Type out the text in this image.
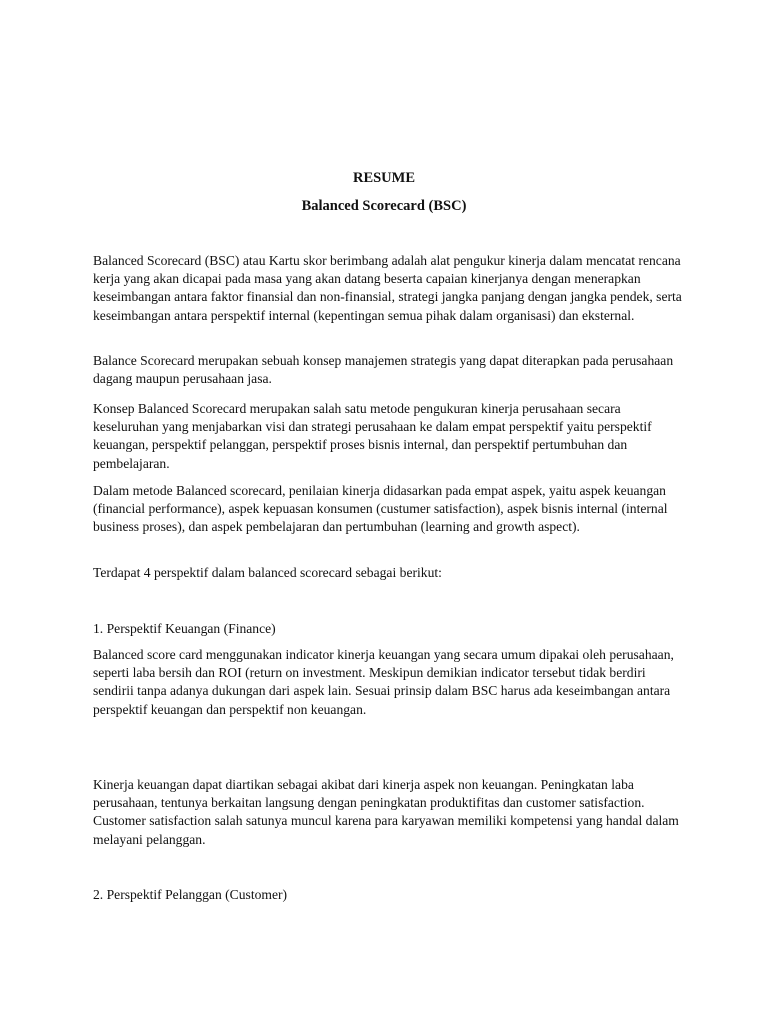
RESUME
Balanced Scorecard (BSC)

Balanced Scorecard (BSC) atau Kartu skor berimbang adalah alat pengukur kinerja dalam mencatat rencana kerja yang akan dicapai pada masa yang akan datang beserta capaian kinerjanya dengan menerapkan keseimbangan antara faktor finansial dan non-finansial, strategi jangka panjang dengan jangka pendek, serta keseimbangan antara perspektif internal (kepentingan semua pihak dalam organisasi) dan eksternal.

Balance Scorecard merupakan sebuah konsep manajemen strategis yang dapat diterapkan pada perusahaan dagang maupun perusahaan jasa.

Konsep Balanced Scorecard merupakan salah satu metode pengukuran kinerja perusahaan secara keseluruhan yang menjabarkan visi dan strategi perusahaan ke dalam empat perspektif yaitu perspektif keuangan, perspektif pelanggan, perspektif proses bisnis internal, dan perspektif pertumbuhan dan pembelajaran.

Dalam metode Balanced scorecard, penilaian kinerja didasarkan pada empat aspek, yaitu aspek keuangan (financial performance), aspek kepuasan konsumen (custumer satisfaction), aspek bisnis internal (internal business proses), dan aspek pembelajaran dan pertumbuhan (learning and growth aspect).

Terdapat 4 perspektif dalam balanced scorecard sebagai berikut:

1. Perspektif Keuangan (Finance)

Balanced score card menggunakan indicator kinerja keuangan yang secara umum dipakai oleh perusahaan, seperti laba bersih dan ROI (return on investment. Meskipun demikian indicator tersebut tidak berdiri sendirii tanpa adanya dukungan dari aspek lain. Sesuai prinsip dalam BSC harus ada keseimbangan antara perspektif keuangan dan perspektif non keuangan.

Kinerja keuangan dapat diartikan sebagai akibat dari kinerja aspek non keuangan. Peningkatan laba perusahaan, tentunya berkaitan langsung dengan peningkatan produktifitas dan customer satisfaction. Customer satisfaction salah satunya muncul karena para karyawan memiliki kompetensi yang handal dalam melayani pelanggan.

2. Perspektif Pelanggan (Customer)
